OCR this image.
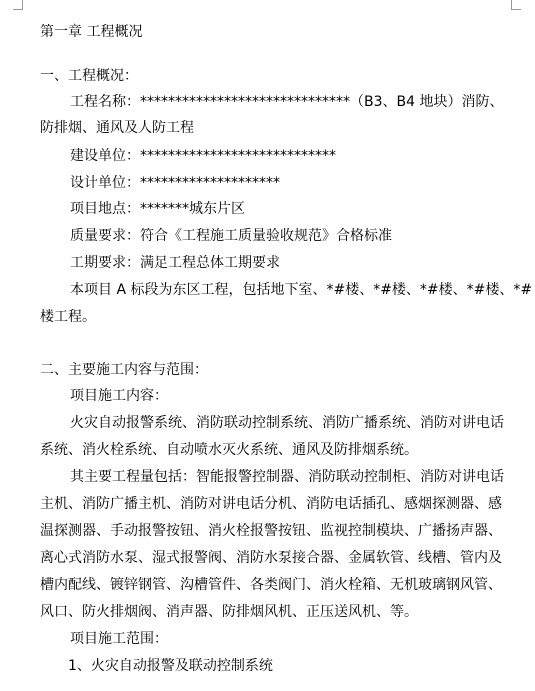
第一章 工程概况

一、工程概况：

工程名称：******************************（B3、B4 地块）消防、

防排烟、通风及人防工程

建设单位：****************************

设计单位：********************

项目地点：*******城东片区

质量要求：符合《工程施工质量验收规范》合格标准

工期要求：满足工程总体工期要求

本项目 A 标段为东区工程，包括地下室、*#楼、*#楼、*#楼、*#楼、*#

楼工程。

二、主要施工内容与范围：

项目施工内容：

火灾自动报警系统、消防联动控制系统、消防广播系统、消防对讲电话

系统、消火栓系统、自动喷水灭火系统、通风及防排烟系统。

其主要工程量包括：智能报警控制器、消防联动控制柜、消防对讲电话

主机、消防广播主机、消防对讲电话分机、消防电话插孔、感烟探测器、感

温探测器、手动报警按钮、消火栓报警按钮、监视控制模块、广播扬声器、

离心式消防水泵、湿式报警阀、消防水泵接合器、金属软管、线槽、管内及

槽内配线、镀锌钢管、沟槽管件、各类阀门、消火栓箱、无机玻璃钢风管、

风口、防火排烟阀、消声器、防排烟风机、正压送风机、等。

项目施工范围：

1、火灾自动报警及联动控制系统
